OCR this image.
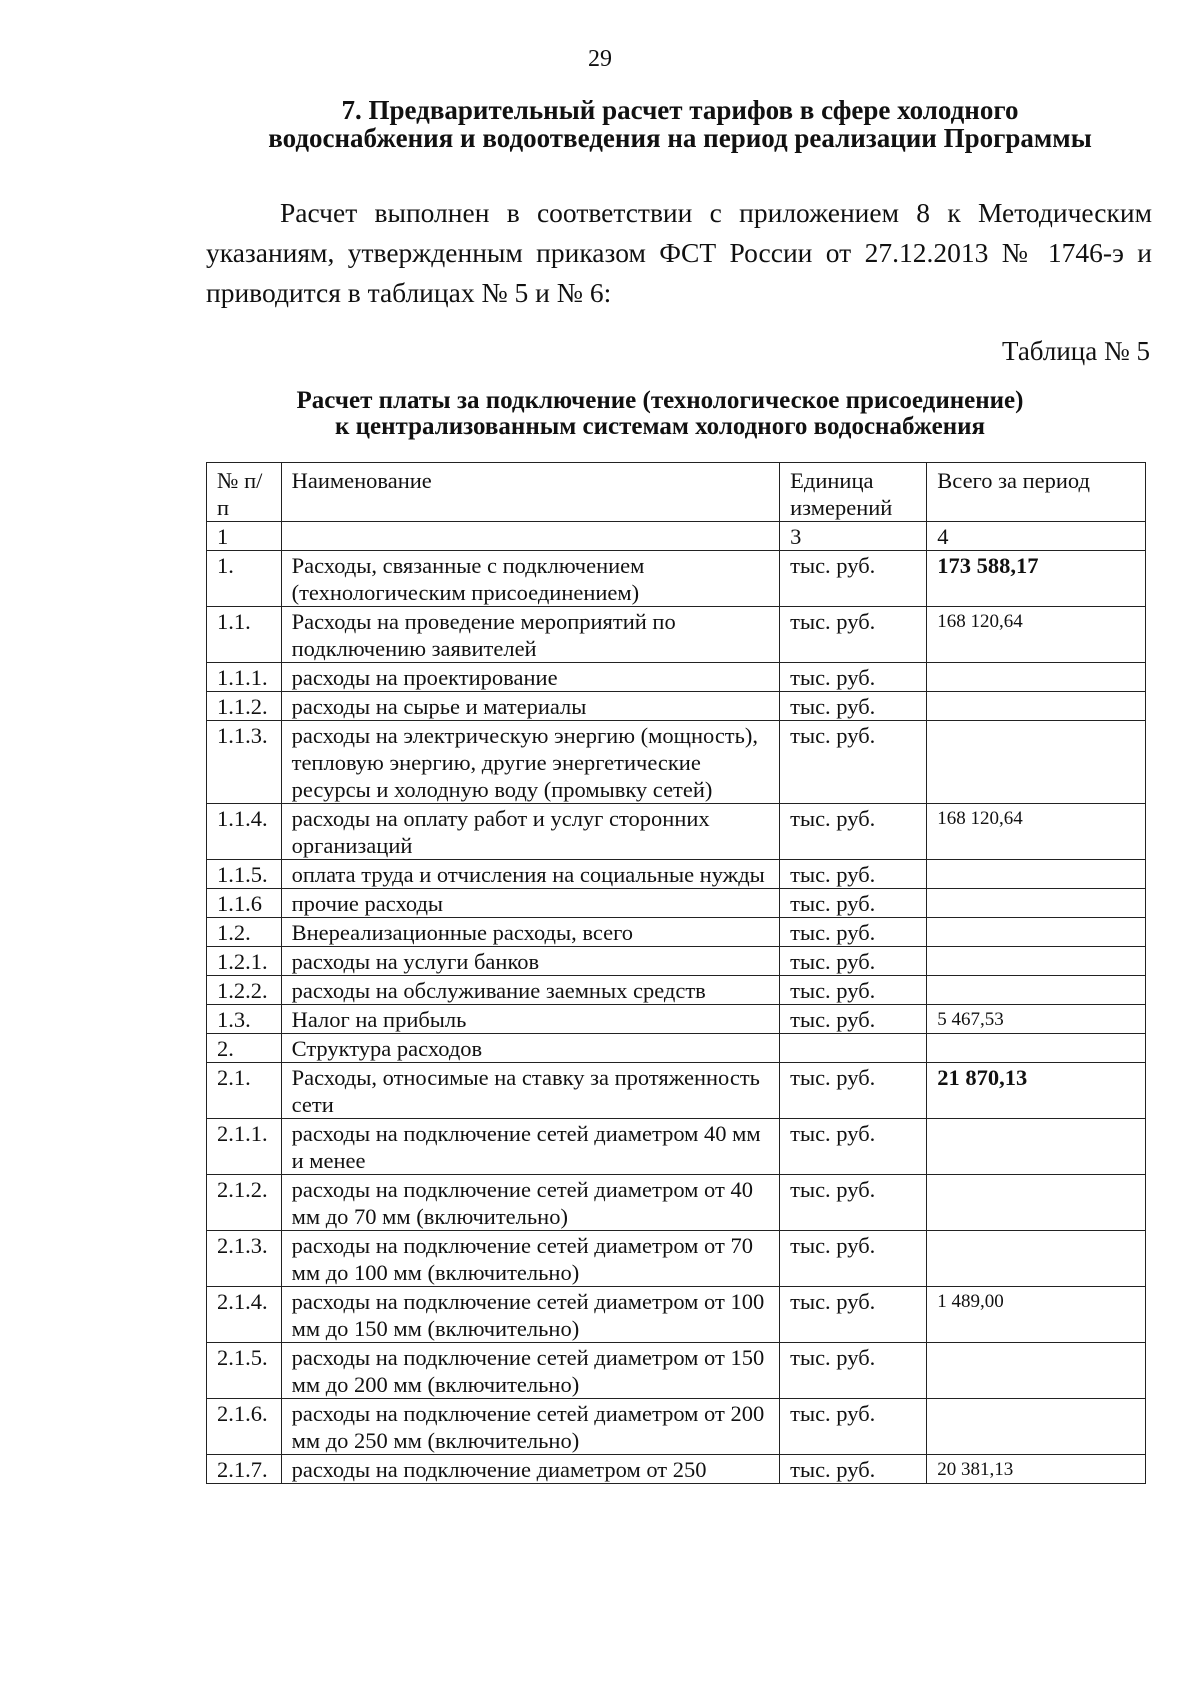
29
7. Предварительный расчет тарифов в сфере холодного
водоснабжения и водоотведения на период реализации Программы

Расчет выполнен в соответствии с приложением 8 к Методическим указаниям, утвержденным приказом ФСТ России от 27.12.2013 № 1746-э и приводится в таблицах № 5 и № 6:

Таблица № 5
Расчет платы за подключение (технологическое присоединение)
к централизованным системам холодного водоснабжения
№ п/п	Наименование	Единица измерений	Всего за период
1		3	4
1.	Расходы, связанные с подключением (технологическим присоединением)	тыс. руб.	173 588,17
1.1.	Расходы на проведение мероприятий по подключению заявителей	тыс. руб.	168 120,64
1.1.1.	расходы на проектирование	тыс. руб.	
1.1.2.	расходы на сырье и материалы	тыс. руб.	
1.1.3.	расходы на электрическую энергию (мощность), тепловую энергию, другие энергетические ресурсы и холодную воду (промывку сетей)	тыс. руб.	
1.1.4.	расходы на оплату работ и услуг сторонних организаций	тыс. руб.	168 120,64
1.1.5.	оплата труда и отчисления на социальные нужды	тыс. руб.	
1.1.6	прочие расходы	тыс. руб.	
1.2.	Внереализационные расходы, всего	тыс. руб.	
1.2.1.	расходы на услуги банков	тыс. руб.	
1.2.2.	расходы на обслуживание заемных средств	тыс. руб.	
1.3.	Налог на прибыль	тыс. руб.	5 467,53
2.	Структура расходов		
2.1.	Расходы, относимые на ставку за протяженность сети	тыс. руб.	21 870,13
2.1.1.	расходы на подключение сетей диаметром 40 мм и менее	тыс. руб.	
2.1.2.	расходы на подключение сетей диаметром от 40 мм до 70 мм (включительно)	тыс. руб.	
2.1.3.	расходы на подключение сетей диаметром от 70 мм до 100 мм (включительно)	тыс. руб.	
2.1.4.	расходы на подключение сетей диаметром от 100 мм до 150 мм (включительно)	тыс. руб.	1 489,00
2.1.5.	расходы на подключение сетей диаметром от 150 мм до 200 мм (включительно)	тыс. руб.	
2.1.6.	расходы на подключение сетей диаметром от 200 мм до 250 мм (включительно)	тыс. руб.	
2.1.7.	расходы на подключение диаметром от 250	тыс. руб.	20 381,13
